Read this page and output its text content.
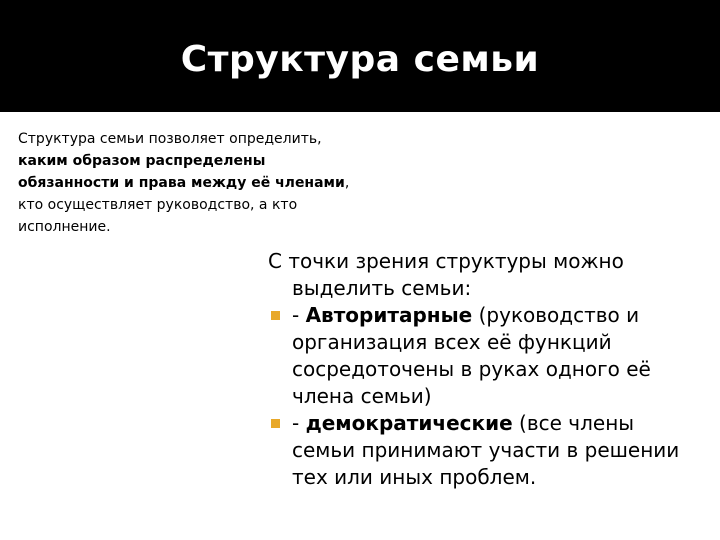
Структура семьи
Структура семьи позволяет определить, каким образом распределены обязанности и права между её членами, кто осуществляет руководство, а кто исполнение.

С точки зрения структуры можно выделить семьи:

- Авторитарные (руководство и организация всех её функций сосредоточены в руках одного её члена семьи)
- демократические (все члены семьи принимают участи в решении тех или иных проблем.
